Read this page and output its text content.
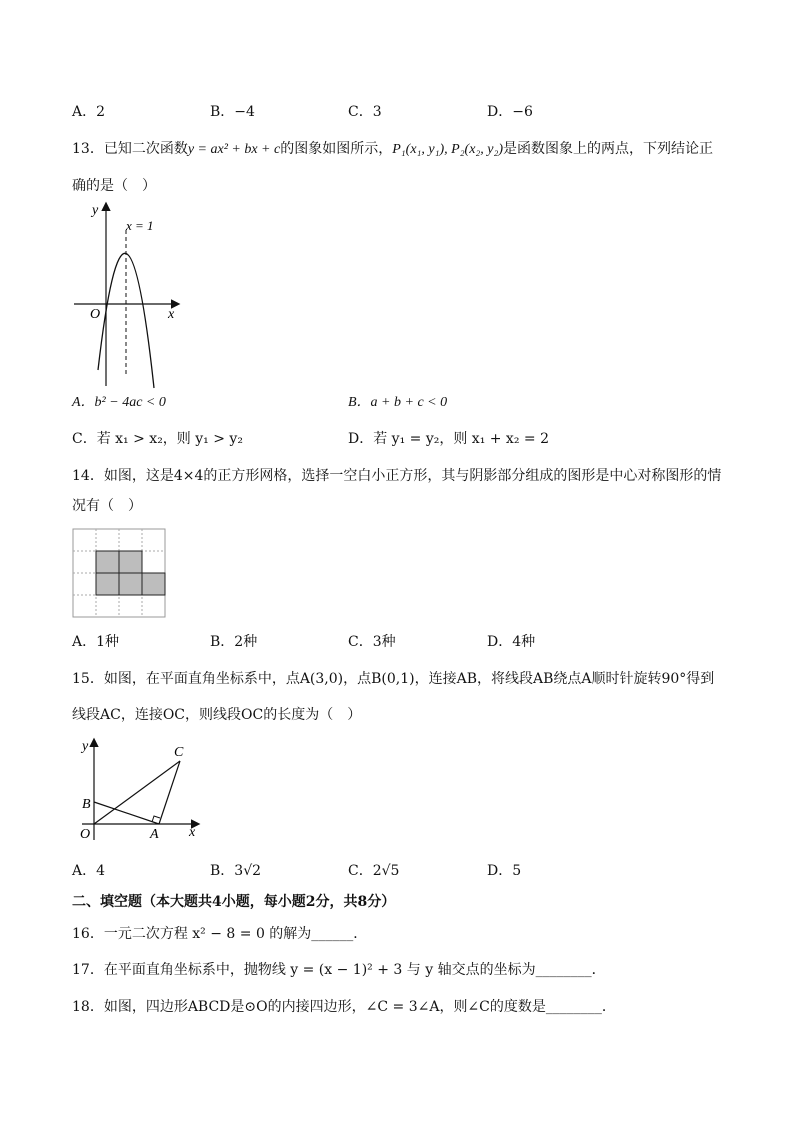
A．2	B．−4	C．3	D．−6
13．已知二次函数y = ax² + bx + c的图象如图所示，P₁(x₁, y₁), P₂(x₂, y₂)是函数图象上的两点，下列结论正
确的是（　）
y
x
O
x = 1
A．b² − 4ac < 0	B．a + b + c < 0
C．若 x₁ > x₂，则 y₁ > y₂	D．若 y₁ = y₂，则 x₁ + x₂ = 2
14．如图，这是4×4的正方形网格，选择一空白小正方形，其与阴影部分组成的图形是中心对称图形的情
况有（　）
A．1种	B．2种	C．3种	D．4种
15．如图，在平面直角坐标系中，点A(3,0)，点B(0,1)，连接AB，将线段AB绕点A顺时针旋转90°得到
线段AC，连接OC，则线段OC的长度为（　）
y
x
O	A
B
C
A．4	B．3√2	C．2√5	D．5
二、填空题（本大题共4小题，每小题2分，共8分）
16．一元二次方程 x² − 8 = 0 的解为______．
17．在平面直角坐标系中，抛物线 y = (x − 1)² + 3 与 y 轴交点的坐标为________．
18．如图，四边形ABCD是⊙O的内接四边形，∠C = 3∠A，则∠C的度数是________．
